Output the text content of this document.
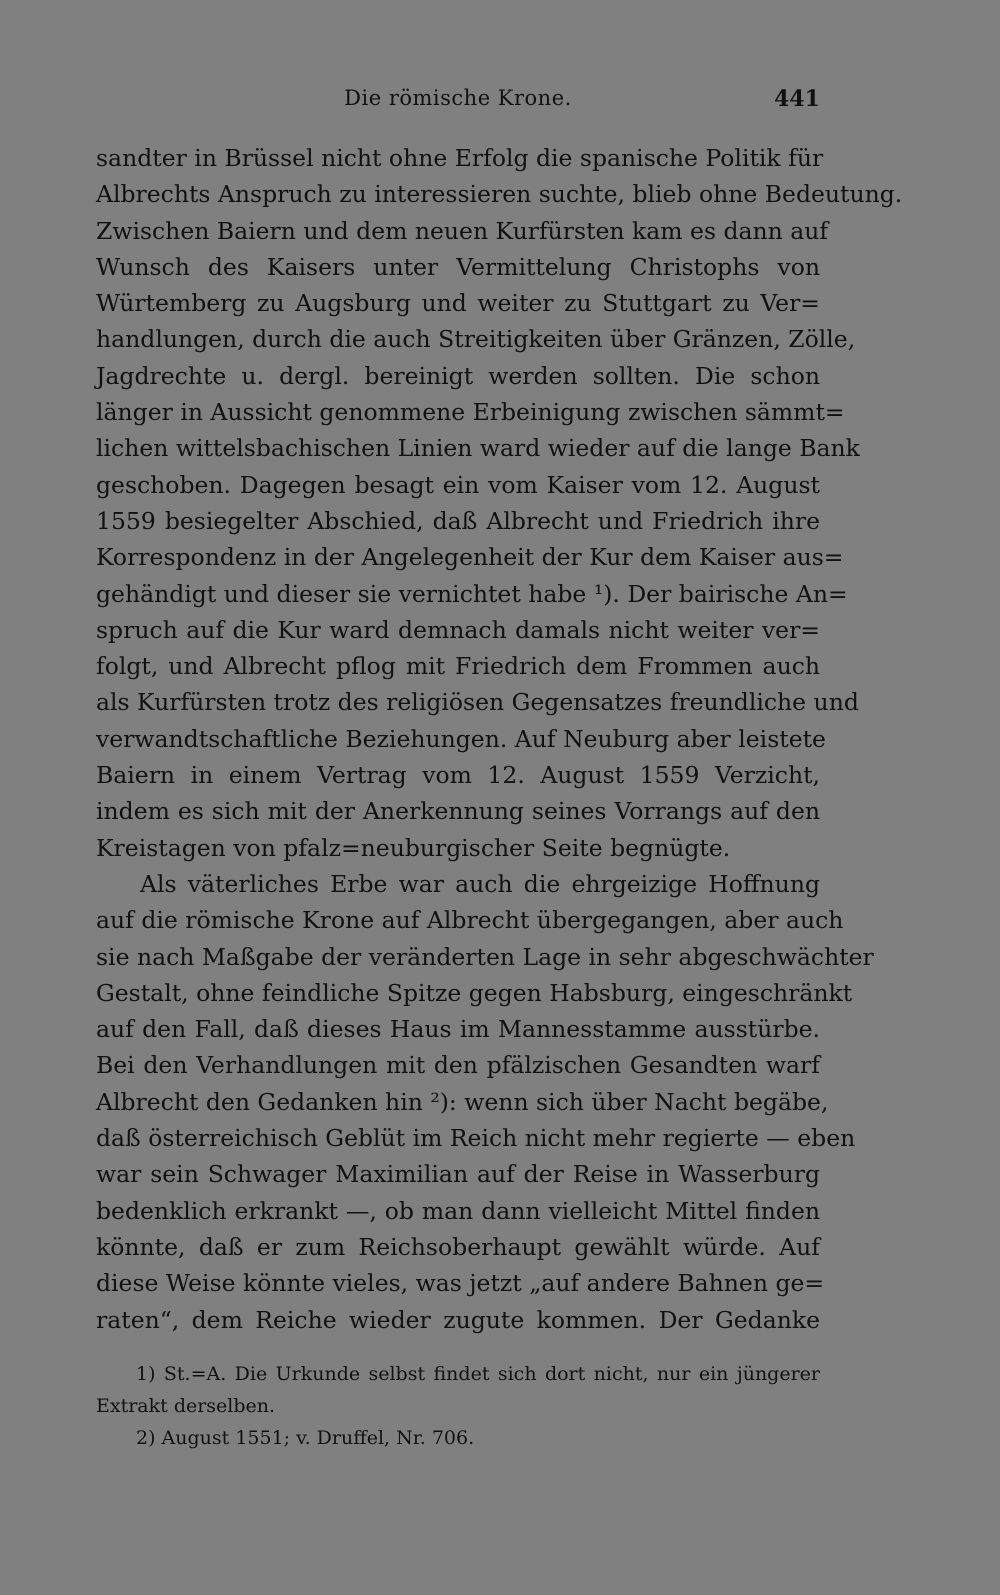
Die römische Krone.	441
sandter in Brüssel nicht ohne Erfolg die spanische Politik für
Albrechts Anspruch zu interessieren suchte, blieb ohne Bedeutung.
Zwischen Baiern und dem neuen Kurfürsten kam es dann auf
Wunsch des Kaisers unter Vermittelung Christophs von
Würtemberg zu Augsburg und weiter zu Stuttgart zu Ver=
handlungen, durch die auch Streitigkeiten über Gränzen, Zölle,
Jagdrechte u. dergl. bereinigt werden sollten. Die schon
länger in Aussicht genommene Erbeinigung zwischen sämmt=
lichen wittelsbachischen Linien ward wieder auf die lange Bank
geschoben. Dagegen besagt ein vom Kaiser vom 12. August
1559 besiegelter Abschied, daß Albrecht und Friedrich ihre
Korrespondenz in der Angelegenheit der Kur dem Kaiser aus=
gehändigt und dieser sie vernichtet habe ¹). Der bairische An=
spruch auf die Kur ward demnach damals nicht weiter ver=
folgt, und Albrecht pflog mit Friedrich dem Frommen auch
als Kurfürsten trotz des religiösen Gegensatzes freundliche und
verwandtschaftliche Beziehungen. Auf Neuburg aber leistete
Baiern in einem Vertrag vom 12. August 1559 Verzicht,
indem es sich mit der Anerkennung seines Vorrangs auf den
Kreistagen von pfalz=neuburgischer Seite begnügte.
Als väterliches Erbe war auch die ehrgeizige Hoffnung
auf die römische Krone auf Albrecht übergegangen, aber auch
sie nach Maßgabe der veränderten Lage in sehr abgeschwächter
Gestalt, ohne feindliche Spitze gegen Habsburg, eingeschränkt
auf den Fall, daß dieses Haus im Mannesstamme ausstürbe.
Bei den Verhandlungen mit den pfälzischen Gesandten warf
Albrecht den Gedanken hin ²): wenn sich über Nacht begäbe,
daß österreichisch Geblüt im Reich nicht mehr regierte — eben
war sein Schwager Maximilian auf der Reise in Wasserburg
bedenklich erkrankt —, ob man dann vielleicht Mittel finden
könnte, daß er zum Reichsoberhaupt gewählt würde. Auf
diese Weise könnte vieles, was jetzt „auf andere Bahnen ge=
raten“, dem Reiche wieder zugute kommen. Der Gedanke
1) St.=A. Die Urkunde selbst findet sich dort nicht, nur ein jüngerer
Extrakt derselben.
2) August 1551; v. Druffel, Nr. 706.
